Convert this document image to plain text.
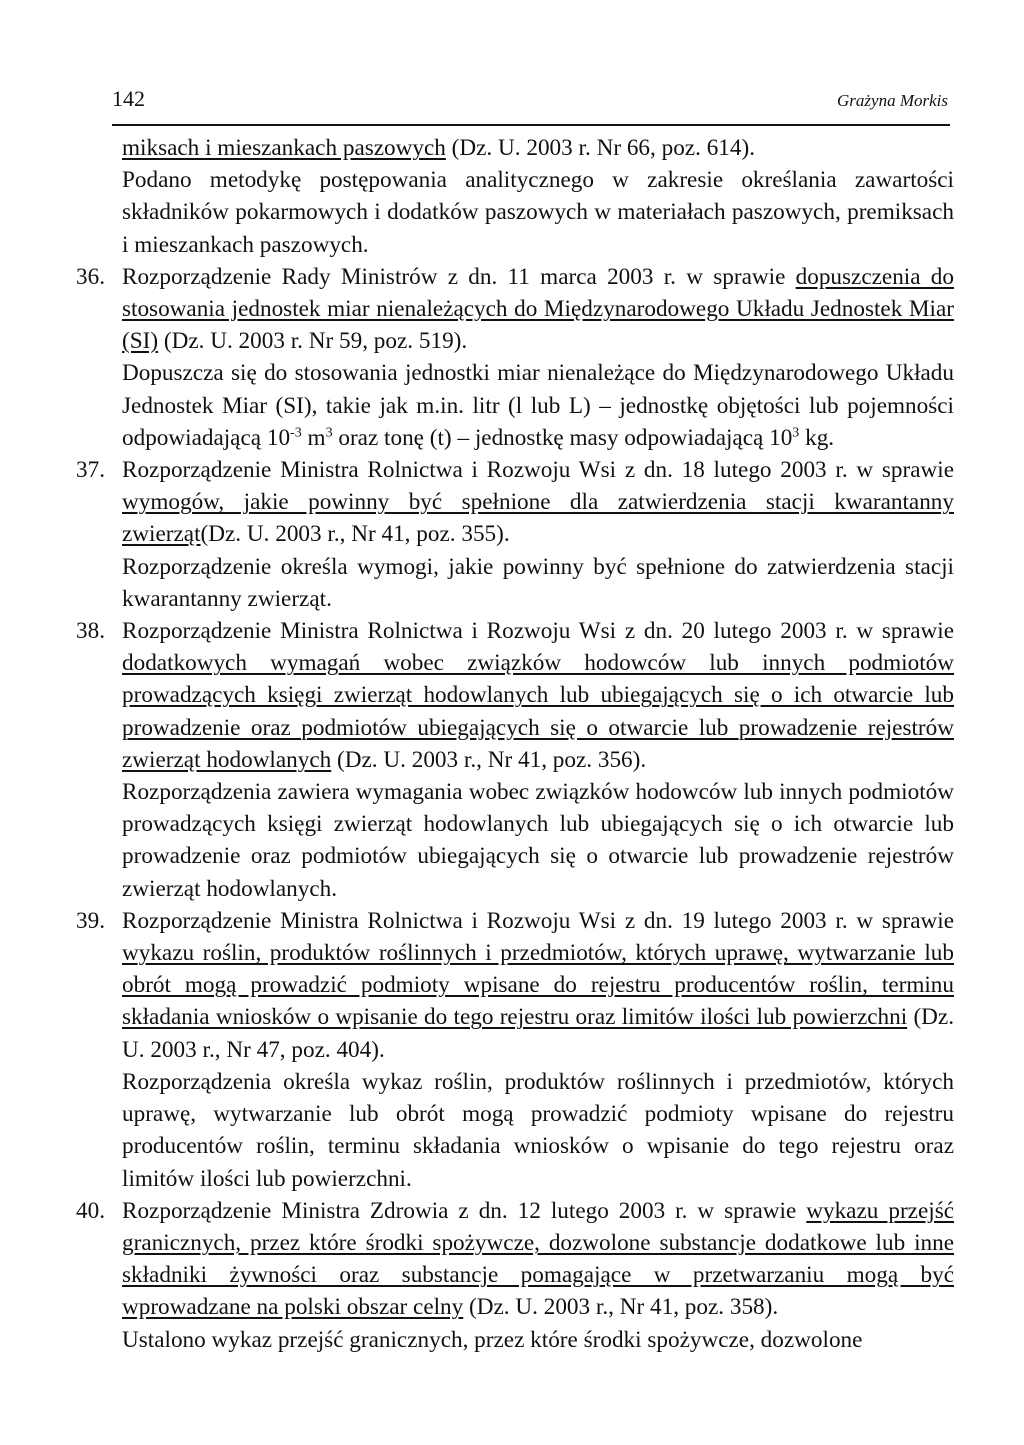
142	Grażyna Morkis
miksach i mieszankach paszowych (Dz. U. 2003 r. Nr 66, poz. 614).
Podano metodykę postępowania analitycznego w zakresie określania zawartości składników pokarmowych i dodatków paszowych w materiałach paszowych, premiksach i mieszankach paszowych.
36. Rozporządzenie Rady Ministrów z dn. 11 marca 2003 r. w sprawie dopuszczenia do stosowania jednostek miar nienależących do Międzynarodowego Układu Jednostek Miar (SI) (Dz. U. 2003 r. Nr 59, poz. 519).
Dopuszcza się do stosowania jednostki miar nienależące do Międzynarodowego Układu Jednostek Miar (SI), takie jak m.in. litr (l lub L) – jednostkę objętości lub pojemności odpowiadającą $10^{-3}$ $m^3$ oraz tonę (t) – jednostkę masy odpowiadającą $10^3$ kg.
37. Rozporządzenie Ministra Rolnictwa i Rozwoju Wsi z dn. 18 lutego 2003 r. w sprawie wymogów, jakie powinny być spełnione dla zatwierdzenia stacji kwarantanny zwierząt(Dz. U. 2003 r., Nr 41, poz. 355).
Rozporządzenie określa wymogi, jakie powinny być spełnione do zatwierdzenia stacji kwarantanny zwierząt.
38. Rozporządzenie Ministra Rolnictwa i Rozwoju Wsi z dn. 20 lutego 2003 r. w sprawie dodatkowych wymagań wobec związków hodowców lub innych podmiotów prowadzących księgi zwierząt hodowlanych lub ubiegających się o ich otwarcie lub prowadzenie oraz podmiotów ubiegających się o otwarcie lub prowadzenie rejestrów zwierząt hodowlanych (Dz. U. 2003 r., Nr 41, poz. 356).
Rozporządzenia zawiera wymagania wobec związków hodowców lub innych podmiotów prowadzących księgi zwierząt hodowlanych lub ubiegających się o ich otwarcie lub prowadzenie oraz podmiotów ubiegających się o otwarcie lub prowadzenie rejestrów zwierząt hodowlanych.
39. Rozporządzenie Ministra Rolnictwa i Rozwoju Wsi z dn. 19 lutego 2003 r. w sprawie wykazu roślin, produktów roślinnych i przedmiotów, których uprawę, wytwarzanie lub obrót mogą prowadzić podmioty wpisane do rejestru producentów roślin, terminu składania wniosków o wpisanie do tego rejestru oraz limitów ilości lub powierzchni (Dz. U. 2003 r., Nr 47, poz. 404).
Rozporządzenia określa wykaz roślin, produktów roślinnych i przedmiotów, których uprawę, wytwarzanie lub obrót mogą prowadzić podmioty wpisane do rejestru producentów roślin, terminu składania wniosków o wpisanie do tego rejestru oraz limitów ilości lub powierzchni.
40. Rozporządzenie Ministra Zdrowia z dn. 12 lutego 2003 r. w sprawie wykazu przejść granicznych, przez które środki spożywcze, dozwolone substancje dodatkowe lub inne składniki żywności oraz substancje pomagające w przetwarzaniu mogą być wprowadzane na polski obszar celny (Dz. U. 2003 r., Nr 41, poz. 358).
Ustalono wykaz przejść granicznych, przez które środki spożywcze, dozwolone
